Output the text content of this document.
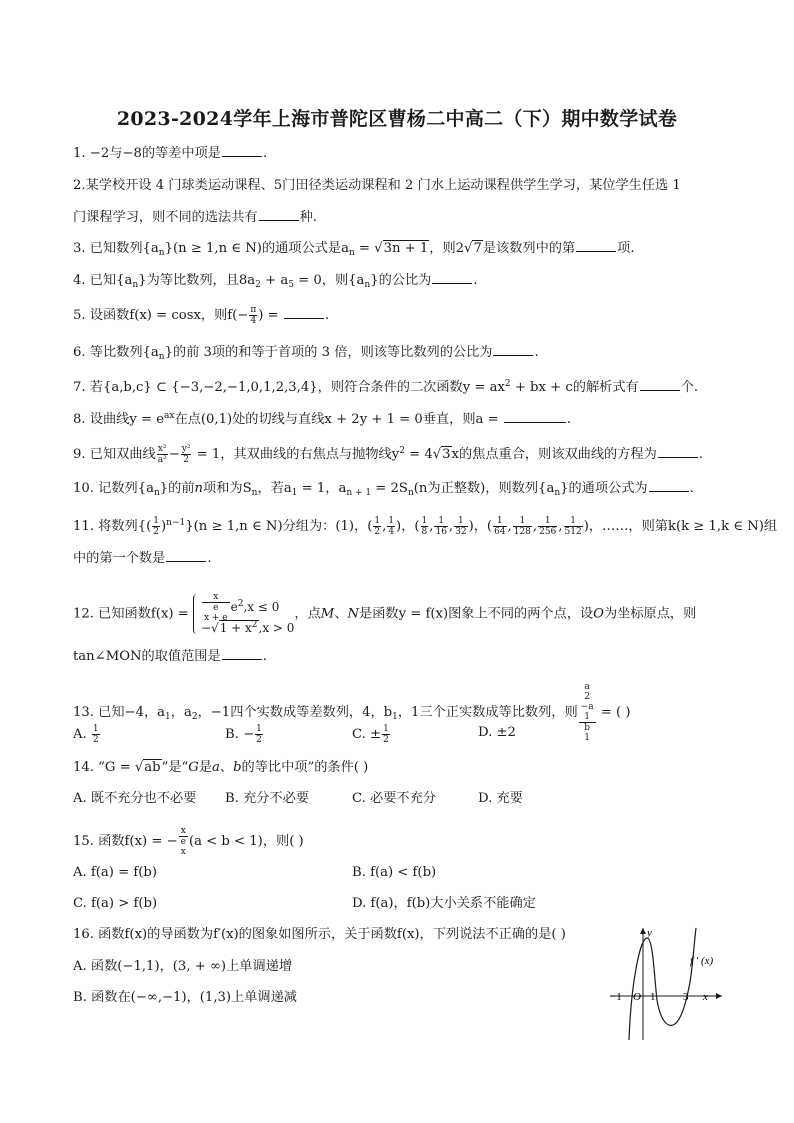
2023-2024学年上海市普陀区曹杨二中高二（下）期中数学试卷
1. −2与−8的等差中项是	.
2.某学校开设 4 门球类运动课程、5门田径类运动课程和 2 门水上运动课程供学生学习，某位学生任选 1
门课程学习，则不同的选法共有	种.
3. 已知数列$\{a_n\}(n \ge 1,n$ ∈ N)的通项公式是$a_n = √3n + 1$，则2√7是该数列中的第	项.
4. 已知$\{a_n\}$为等比数列，且$8a_2 + a_5 = 0$，则$\{a_n\}$的公比为	.
5. 设函数f(x) = cosx，则$f(- \frac{\pi}{4}$ ) =	.
6. 等比数列$\{a_n\}$的前 3项的和等于首项的 3 倍，则该等比数列的公比为	.
7. 若{a,b,c} ⊂ {−3,−2,−1,0,1,2,3,4}，则符合条件的二次函数$y = ax^2$ + bx + c的解析式有	个.
8. 设曲线$y = e^{ax}$在点(0,1)处的切线与直线x + 2y + 1 = 0垂直，则a =	.
9. 已知双曲线 $\frac{\text{x²}}{\text{a²}} - \frac{\text{y²}}{2} = 1$，其双曲线的右焦点与抛物线$y^2 = 4√3x$的焦点重合，则该双曲线的方程为	.
10. 记数列$\{a_n\}$的前n项和为$S_n$，若$a_1 = 1$，$a_{n + 1} = 2S_n(n$为正整数)，则数列$\{a_n\}$的通项公式为	.
11. 将数列{( $\frac{1}{2} )^{n-1}\}(n \ge 1,n$ ∈ N)分组为：(1)，( $\frac{1}{2}$ , $\frac{1}{4}$ )，( $\frac{1}{8}$ , $\frac{1}{16}$ , $\frac{1}{32}$ )，( $\frac{1}{64}$ , $\frac{1}{128}$ , $\frac{1}{256}$ , $\frac{1}{512}$ )，……，则第k(k ≥ 1,k ∈ N)组
中的第一个数是	.
12. 已知函数f(x) = x
e
x + e $e^2,x \le 0$
$-√1 + x^2,x > 0$
，点M、N是函数y = f(x)图象上不同的两个点，设O为坐标原点，则
tan∠MON的取值范围是	.
13. 已知−4，$a_1$，$a_2$，−1四个实数成等差数列，4，$b_1$，1三个正实数成等比数列，则 a
2
−a
1
b
1 = ( )
A. $\frac{1}{2}$	B. − $\frac{1}{2}$	C. ± $\frac{1}{2}$	D. ±2
14. “G = √ab”是“G是a、b的等比中项”的条件( )
A. 既不充分也不必要 B. 充分不必要	C. 必要不充分	D. 充要
15. 函数f(x) = − x
e
x (a < b < 1)，则( )
A. f(a) = f(b)	B. f(a) < f(b)
C. f(a) > f(b)	D. f(a)，f(b)大小关系不能确定
16. 函数f(x)的导函数为f′(x)的图象如图所示，关于函数f(x)，下列说法不正确的是( )
A. 函数(−1,1)，(3, + ∞)上单调递增
B. 函数在(−∞,−1)，(1,3)上单调递减
y
f ′ (x)
x
−1 O 1	3
